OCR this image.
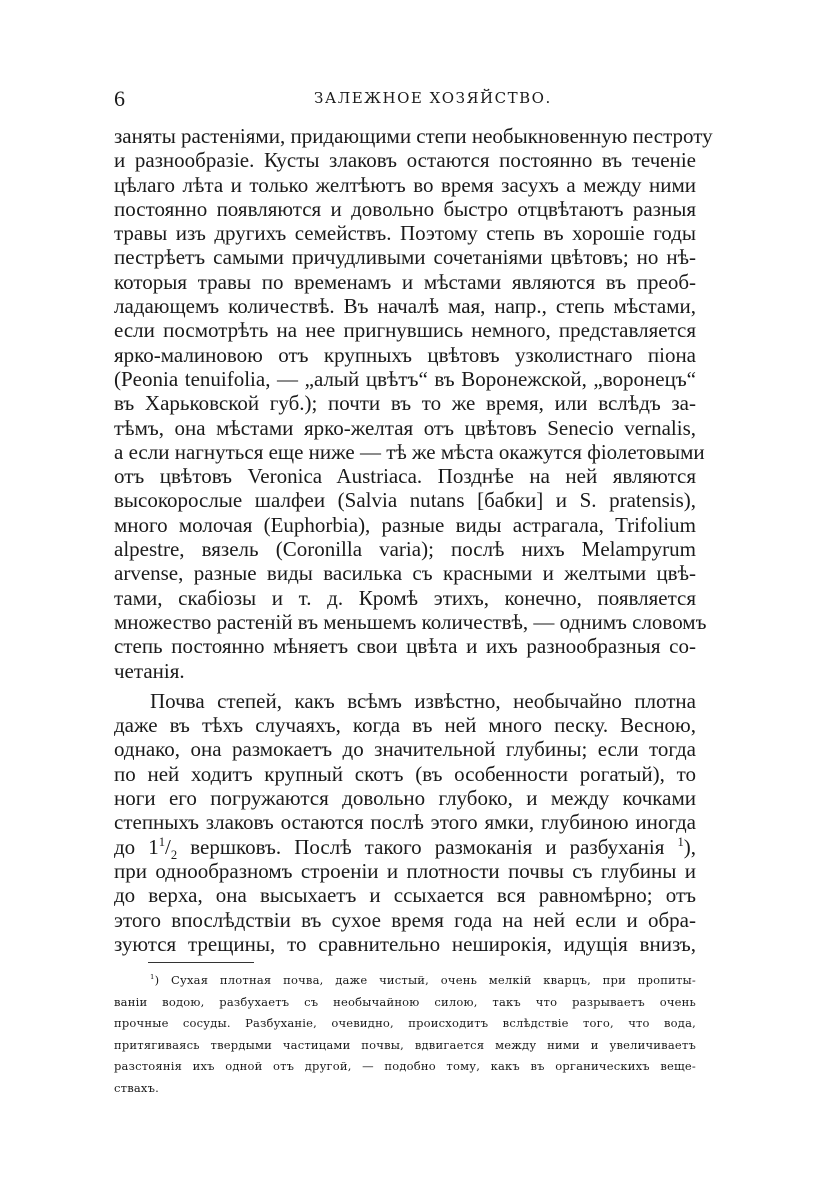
6	ЗАЛЕЖНОЕ ХОЗЯЙСТВО.
заняты растеніями, придающими степи необыкновенную пестроту
и разнообразіе. Кусты злаковъ остаются постоянно въ теченіе
цѣлаго лѣта и только желтѣютъ во время засухъ а между ними
постоянно появляются и довольно быстро отцвѣтаютъ разныя
травы изъ другихъ семействъ. Поэтому степь въ хорошіе годы
пестрѣетъ самыми причудливыми сочетаніями цвѣтовъ; но нѣ-
которыя травы по временамъ и мѣстами являются въ преоб-
ладающемъ количествѣ. Въ началѣ мая, напр., степь мѣстами,
если посмотрѣть на нее пригнувшись немного, представляется
ярко-малиновою отъ крупныхъ цвѣтовъ узколистнаго піона
(Peonia tenuifolia, — „алый цвѣтъ“ въ Воронежской, „воронецъ“
въ Харьковской губ.); почти въ то же время, или вслѣдъ за-
тѣмъ, она мѣстами ярко-желтая отъ цвѣтовъ Senecio vernalis,
а если нагнуться еще ниже — тѣ же мѣста окажутся фіолетовыми
отъ цвѣтовъ Veronica Austriaca. Позднѣе на ней являются
высокорослые шалфеи (Salvia nutans [бабки] и S. pratensis),
много молочая (Euphorbia), разные виды астрагала, Trifolium
alpestre, вязель (Coronilla varia); послѣ нихъ Melampyrum
arvense, разные виды василька съ красными и желтыми цвѣ-
тами, скабіозы и т. д. Кромѣ этихъ, конечно, появляется
множество растеній въ меньшемъ количествѣ, — однимъ словомъ
степь постоянно мѣняетъ свои цвѣта и ихъ разнообразныя со-
четанія.
Почва степей, какъ всѣмъ извѣстно, необычайно плотна
даже въ тѣхъ случаяхъ, когда въ ней много песку. Весною,
однако, она размокаетъ до значительной глубины; если тогда
по ней ходитъ крупный скотъ (въ особенности рогатый), то
ноги его погружаются довольно глубоко, и между кочками
степныхъ злаковъ остаются послѣ этого ямки, глубиною иногда
до $1^1/_2$ вершковъ. Послѣ такого размоканія и разбуханія $^1$),
при однообразномъ строеніи и плотности почвы съ глубины и
до верха, она высыхаетъ и ссыхается вся равномѣрно; отъ
этого впослѣдствіи въ сухое время года на ней если и обра-
зуются трещины, то сравнительно неширокія, идущія внизъ,
$^1$) Сухая плотная почва, даже чистый, очень мелкій кварцъ, при пропиты-
ваніи водою, разбухаетъ съ необычайною силою, такъ что разрываетъ очень
прочные сосуды. Разбуханіе, очевидно, происходитъ вслѣдствіе того, что вода,
притягиваясь твердыми частицами почвы, вдвигается между ними и увеличиваетъ
разстоянія ихъ одной отъ другой, — подобно тому, какъ въ органическихъ веще-
ствахъ.
